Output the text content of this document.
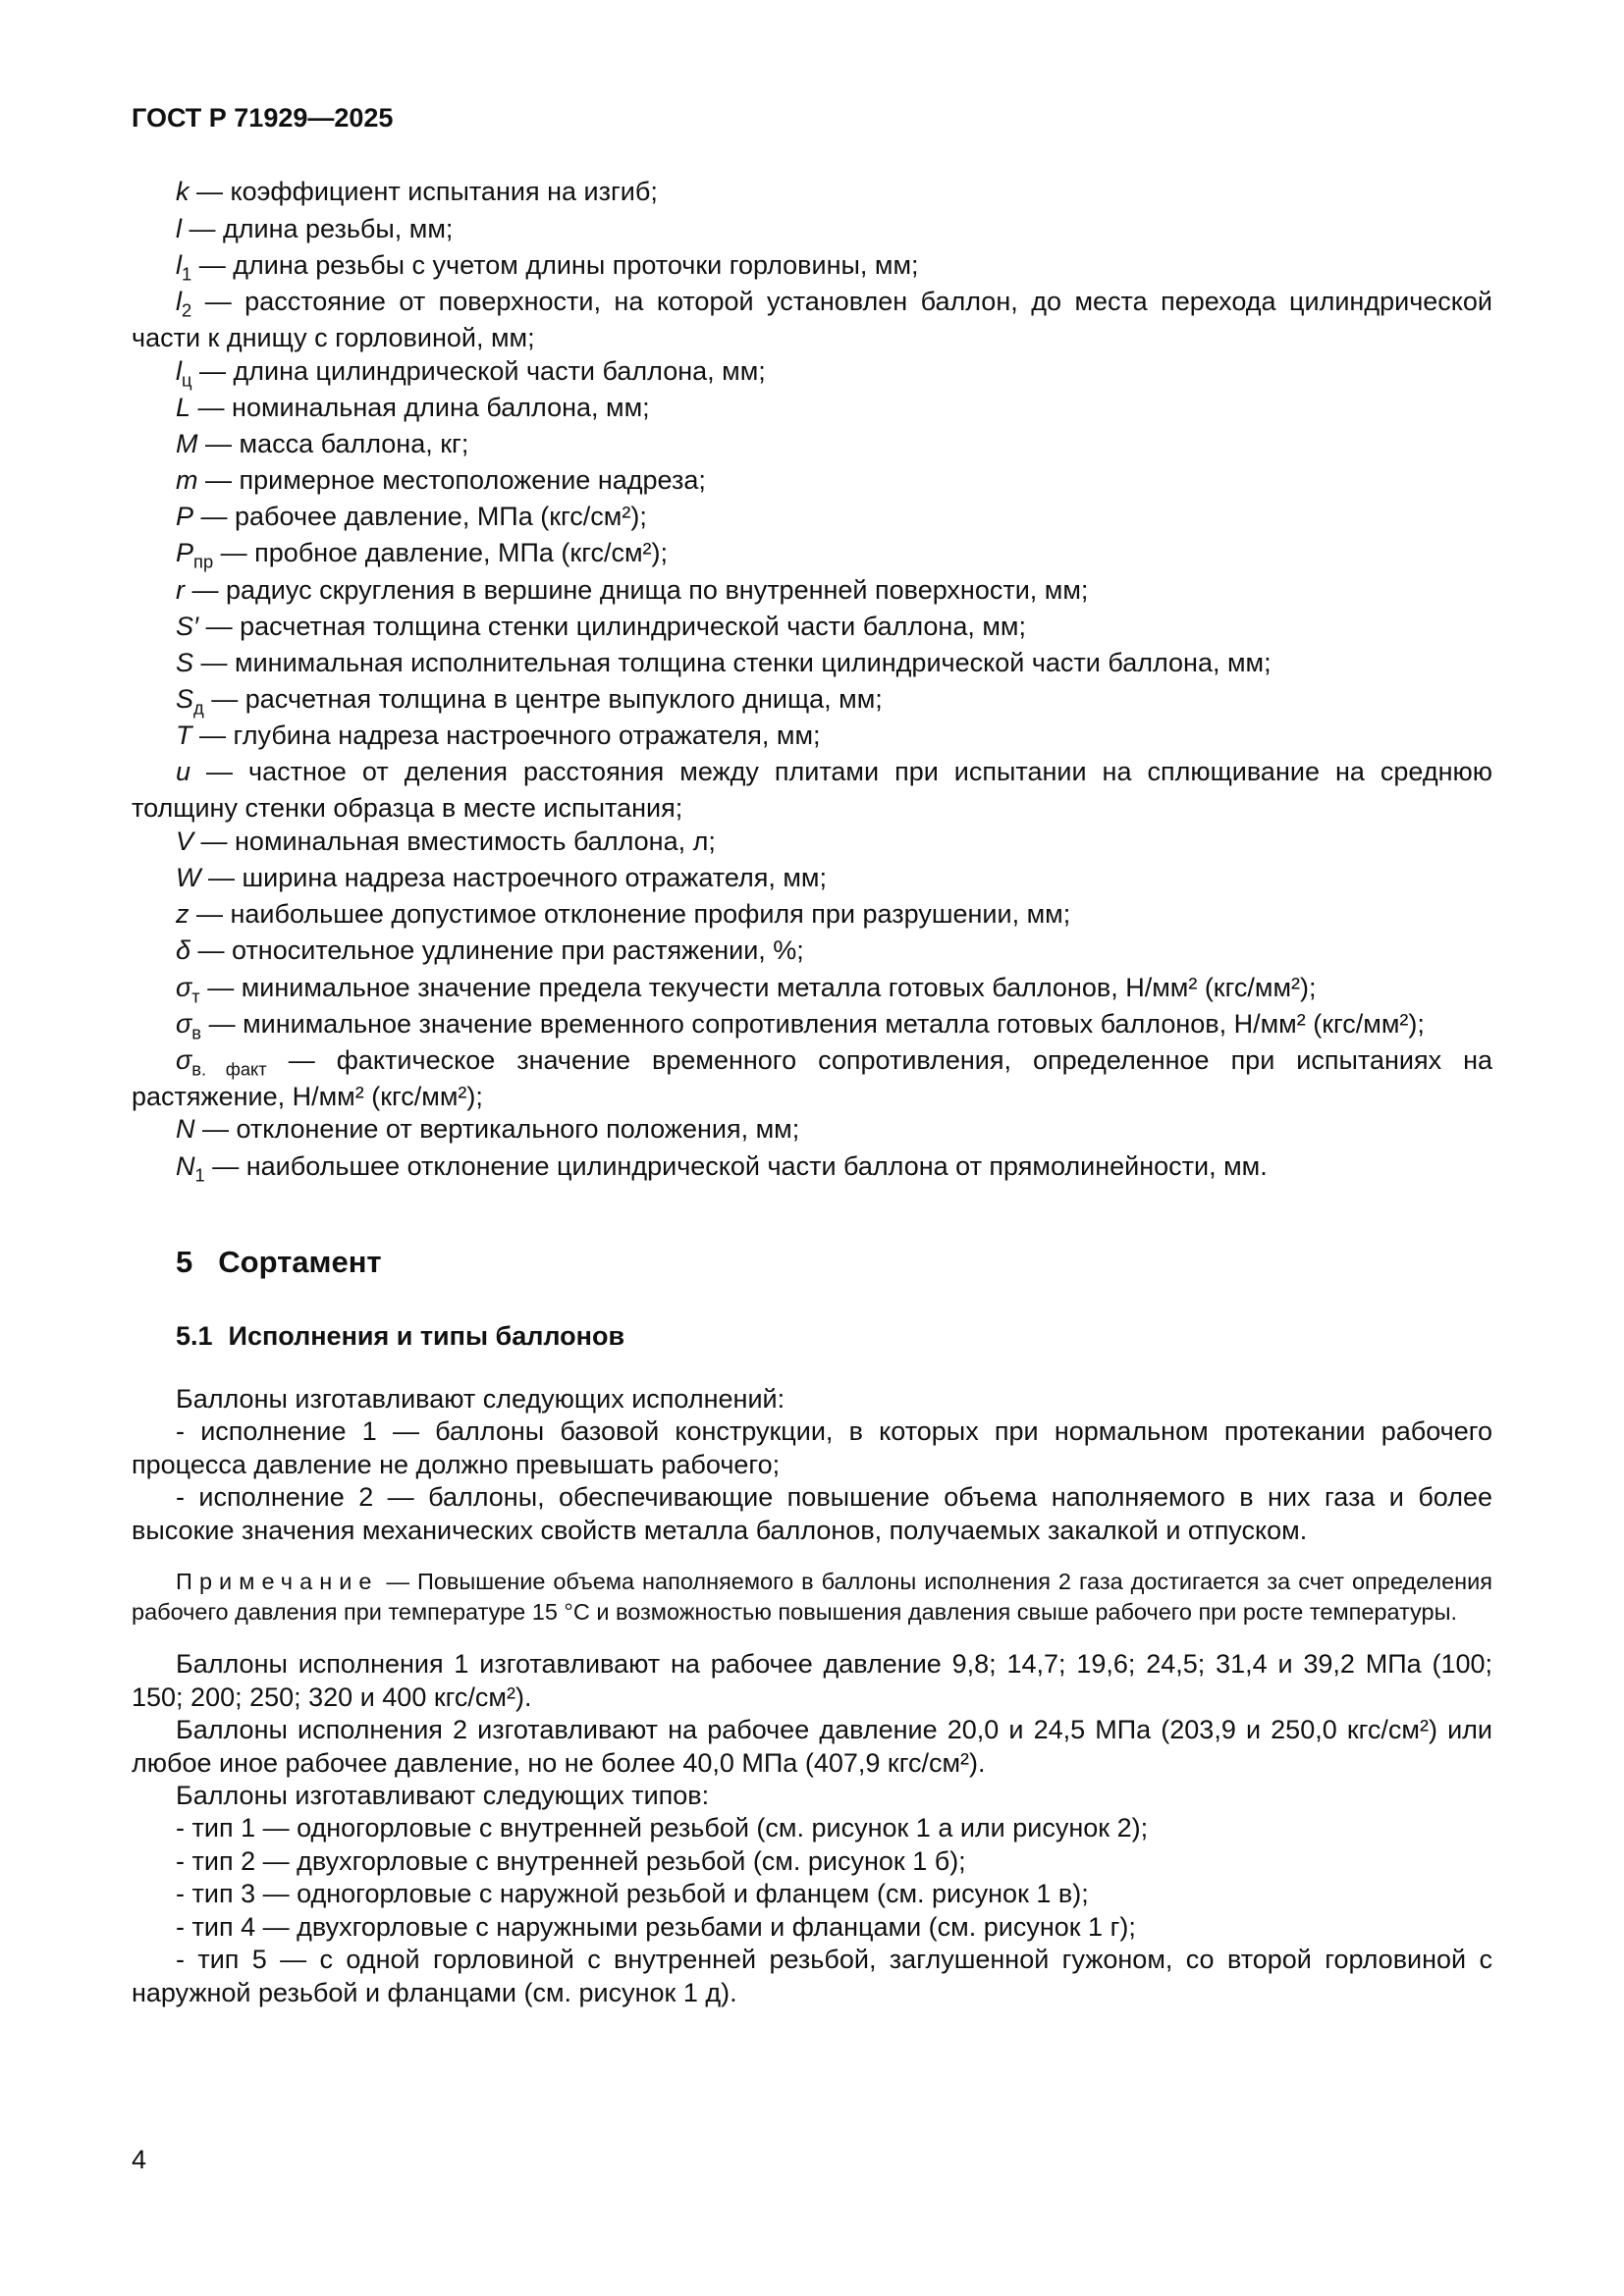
ГОСТ Р 71929—2025

k — коэффициент испытания на изгиб;

l — длина резьбы, мм;

$l_1$ — длина резьбы с учетом длины проточки горловины, мм;

$l_2$ — расстояние от поверхности, на которой установлен баллон, до места перехода цилиндрической части к днищу с горловиной, мм;

$l_ц$ — длина цилиндрической части баллона, мм;

L — номинальная длина баллона, мм;

M — масса баллона, кг;

m — примерное местоположение надреза;

P — рабочее давление, МПа (кгс/см²);

$P_{пр}$ — пробное давление, МПа (кгс/см²);

r — радиус скругления в вершине днища по внутренней поверхности, мм;

S′ — расчетная толщина стенки цилиндрической части баллона, мм;

S — минимальная исполнительная толщина стенки цилиндрической части баллона, мм;

$S_д$ — расчетная толщина в центре выпуклого днища, мм;

T — глубина надреза настроечного отражателя, мм;

u — частное от деления расстояния между плитами при испытании на сплющивание на среднюю толщину стенки образца в месте испытания;

V — номинальная вместимость баллона, л;

W — ширина надреза настроечного отражателя, мм;

z — наибольшее допустимое отклонение профиля при разрушении, мм;

δ — относительное удлинение при растяжении, %;

$\sigma_т$ — минимальное значение предела текучести металла готовых баллонов, Н/мм² (кгс/мм²);

$\sigma_в$ — минимальное значение временного сопротивления металла готовых баллонов, Н/мм² (кгс/мм²);

$\sigma_{в. факт}$ — фактическое значение временного сопротивления, определенное при испытаниях на растяжение, Н/мм² (кгс/мм²);

N — отклонение от вертикального положения, мм;

$N_1$ — наибольшее отклонение цилиндрической части баллона от прямолинейности, мм.

5 Сортамент
5.1 Исполнения и типы баллонов

Баллоны изготавливают следующих исполнений:

- исполнение 1 — баллоны базовой конструкции, в которых при нормальном протекании рабочего процесса давление не должно превышать рабочего;

- исполнение 2 — баллоны, обеспечивающие повышение объема наполняемого в них газа и более высокие значения механических свойств металла баллонов, получаемых закалкой и отпуском.

Примечание — Повышение объема наполняемого в баллоны исполнения 2 газа достигается за счет определения рабочего давления при температуре 15 °С и возможностью повышения давления свыше рабочего при росте температуры.

Баллоны исполнения 1 изготавливают на рабочее давление 9,8; 14,7; 19,6; 24,5; 31,4 и 39,2 МПа (100; 150; 200; 250; 320 и 400 кгс/см²).

Баллоны исполнения 2 изготавливают на рабочее давление 20,0 и 24,5 МПа (203,9 и 250,0 кгс/см²) или любое иное рабочее давление, но не более 40,0 МПа (407,9 кгс/см²).

Баллоны изготавливают следующих типов:

- тип 1 — одногорловые с внутренней резьбой (см. рисунок 1 а или рисунок 2);

- тип 2 — двухгорловые с внутренней резьбой (см. рисунок 1 б);

- тип 3 — одногорловые с наружной резьбой и фланцем (см. рисунок 1 в);

- тип 4 — двухгорловые с наружными резьбами и фланцами (см. рисунок 1 г);

- тип 5 — с одной горловиной с внутренней резьбой, заглушенной гужоном, со второй горловиной с наружной резьбой и фланцами (см. рисунок 1 д).

4
